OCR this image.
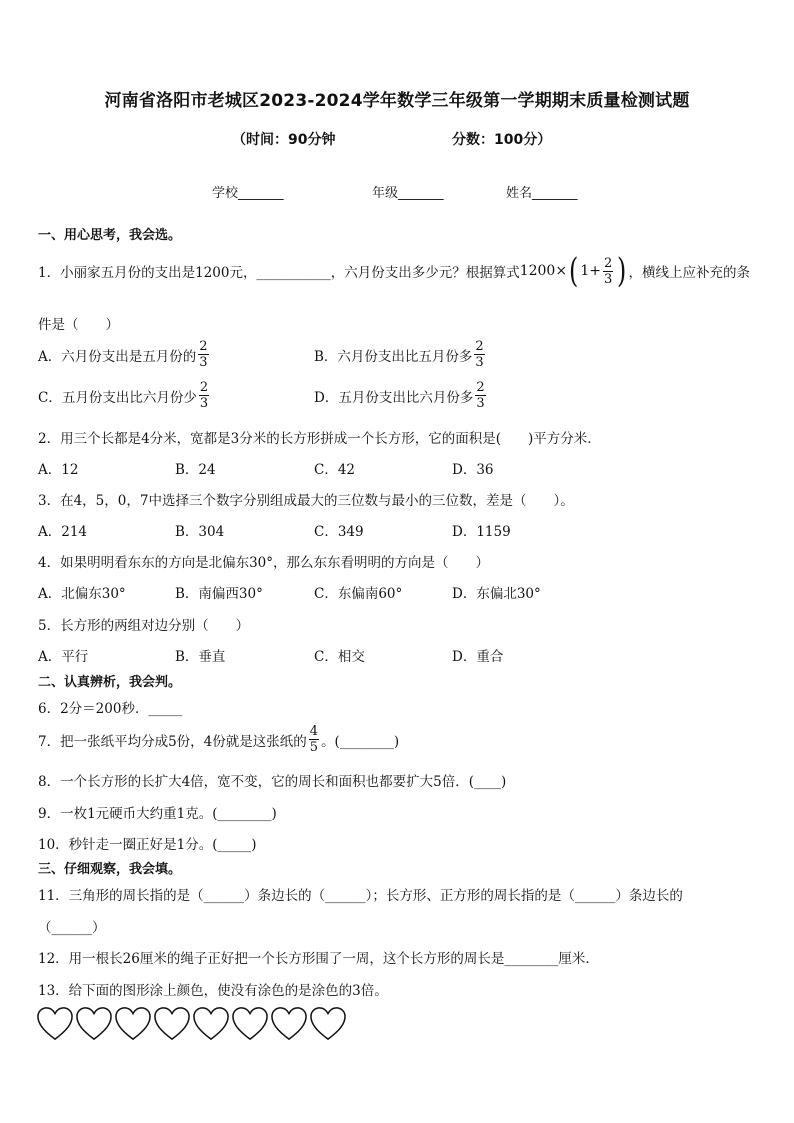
河南省洛阳市老城区2023-2024学年数学三年级第一学期期末质量检测试题
（时间：90分钟	分数：100分）
学校_______	年级_______	姓名_______
一、用心思考，我会选。
1．小丽家五月份的支出是1200元，___________，六月份支出多少元？根据算式 1200× ( $1+ \frac{2}{3}$ ) ，横线上应补充的条
件是（　　）
A．六月份支出是五月份的 $\frac{2}{3}$	B．六月份支出比五月份多 $\frac{2}{3}$
C．五月份支出比六月份少 $\frac{2}{3}$	D．五月份支出比六月份多 $\frac{2}{3}$
2．用三个长都是4分米，宽都是3分米的长方形拼成一个长方形，它的面积是(　　)平方分米．
A．12	B．24	C．42	D．36
3．在4，5，0，7中选择三个数字分别组成最大的三位数与最小的三位数，差是（　　）。
A．214	B．304	C．349	D．1159
4．如果明明看东东的方向是北偏东30°，那么东东看明明的方向是（　　）
A．北偏东30°	B．南偏西30°	C．东偏南60°	D．东偏北30°
5．长方形的两组对边分别（　　）
A．平行	B．垂直	C．相交	D．重合
二、认真辨析，我会判。
6．2分＝200秒．_____
7．把一张纸平均分成5份，4份就是这张纸的 $\frac{4}{5}$ 。(________)
8．一个长方形的长扩大4倍，宽不变，它的周长和面积也都要扩大5倍．(____)
9．一枚1元硬币大约重1克。(________)
10．秒针走一圈正好是1分。(_____)
三、仔细观察，我会填。
11．三角形的周长指的是（______）条边长的（______）；长方形、正方形的周长指的是（______）条边长的
（______）
12．用一根长26厘米的绳子正好把一个长方形围了一周，这个长方形的周长是________厘米．
13．给下面的图形涂上颜色，使没有涂色的是涂色的3倍。
